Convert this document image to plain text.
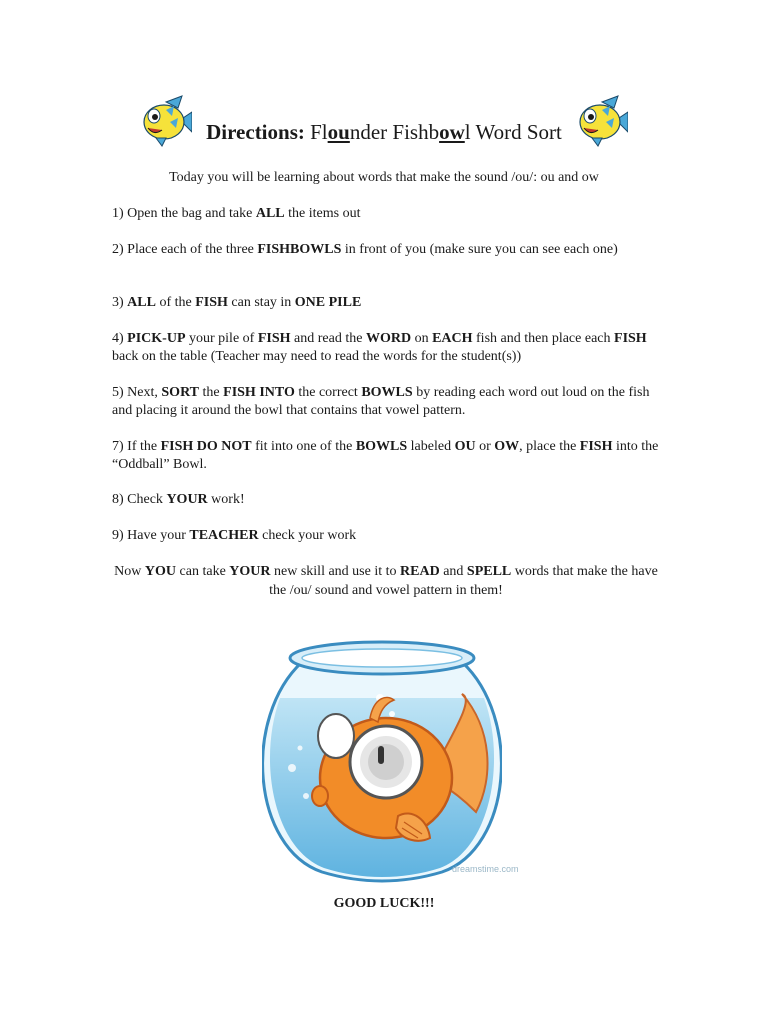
Directions: Flounder Fishbowl Word Sort
Today you will be learning about words that make the sound /ou/: ou and ow
1) Open the bag and take ALL the items out
2) Place each of the three FISHBOWLS in front of you (make sure you can see each one)
3) ALL of the FISH can stay in ONE PILE
4) PICK-UP your pile of FISH and read the WORD on EACH fish and then place each FISH back on the table (Teacher may need to read the words for the student(s))
5) Next, SORT the FISH INTO the correct BOWLS by reading each word out loud on the fish and placing it around the bowl that contains that vowel pattern.
7) If the FISH DO NOT fit into one of the BOWLS labeled OU or OW, place the FISH into the “Oddball” Bowl.
8) Check YOUR work!
9) Have your TEACHER check your work
Now YOU can take YOUR new skill and use it to READ and SPELL words that make the have the /ou/ sound and vowel pattern in them!
dreamstime.com
GOOD LUCK!!!
